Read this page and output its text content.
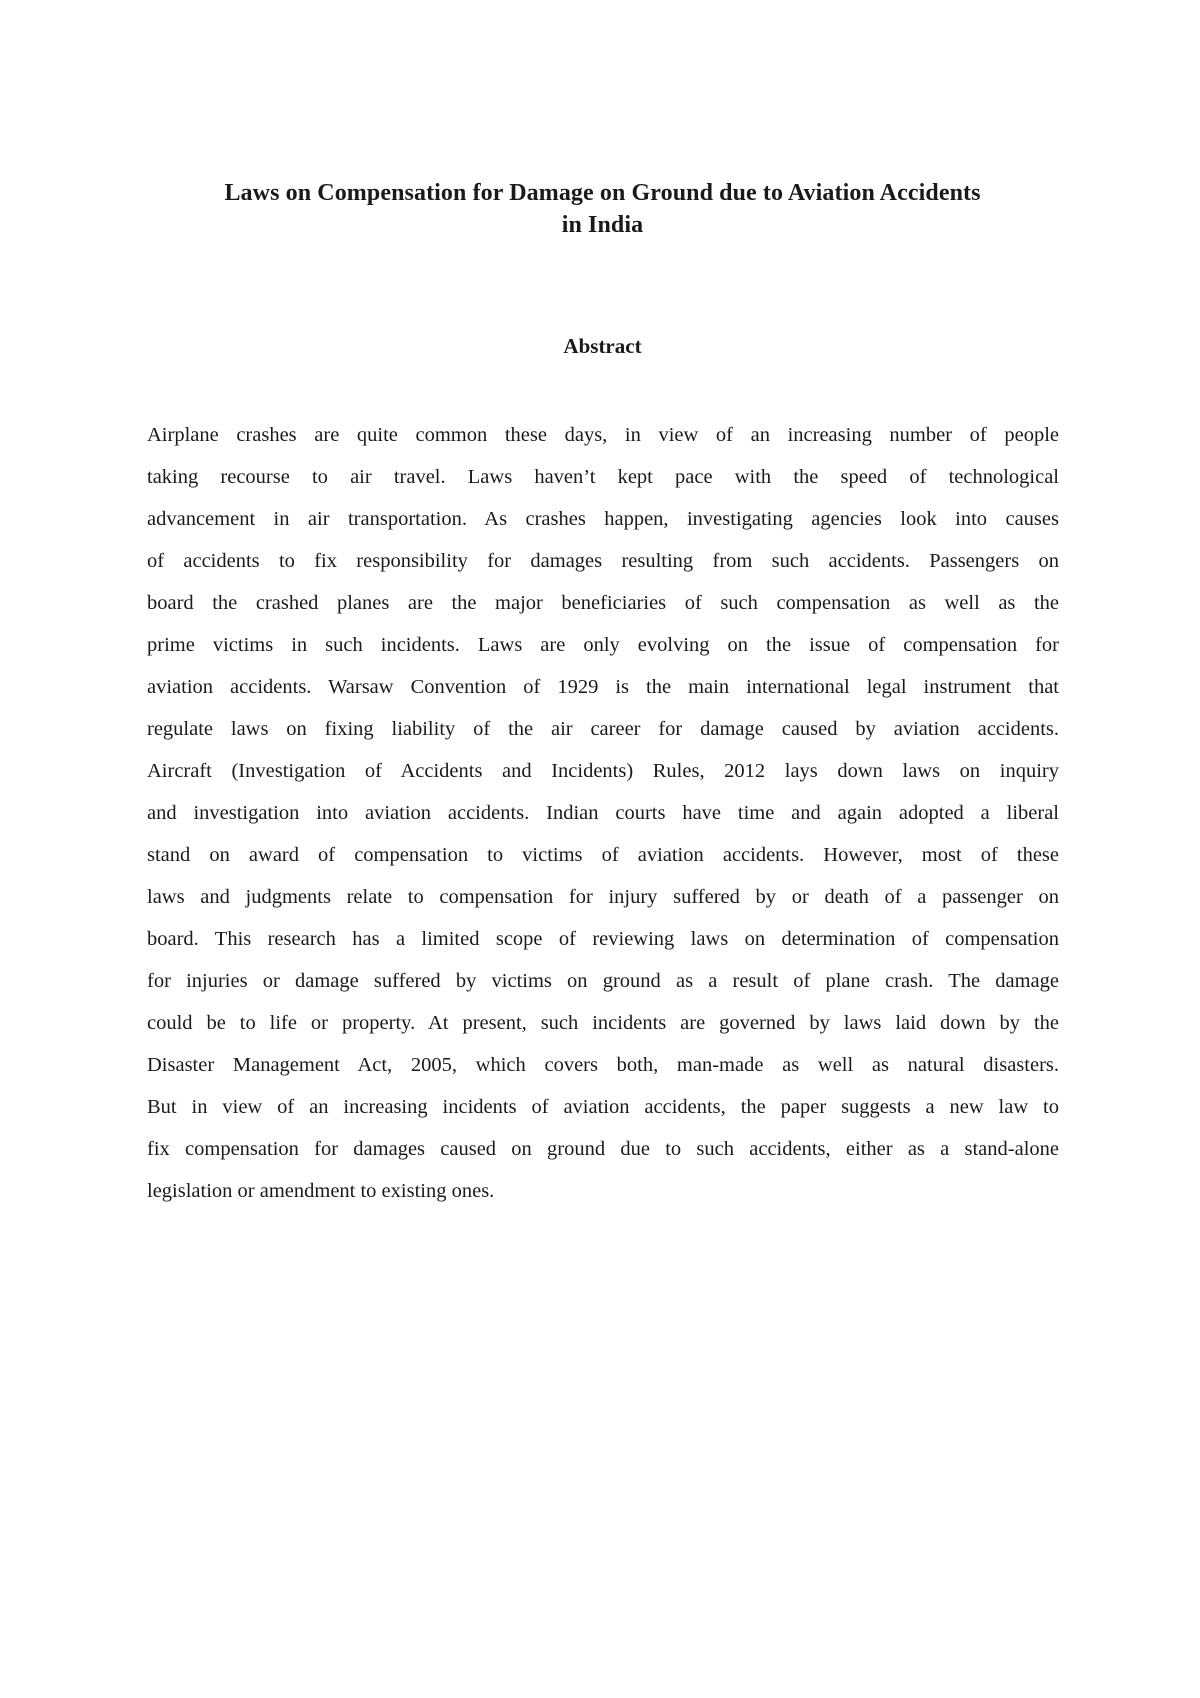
Laws on Compensation for Damage on Ground due to Aviation Accidents
in India
Abstract
Airplane crashes are quite common these days, in view of an increasing number of people
taking recourse to air travel. Laws haven’t kept pace with the speed of technological
advancement in air transportation. As crashes happen, investigating agencies look into causes
of accidents to fix responsibility for damages resulting from such accidents. Passengers on
board the crashed planes are the major beneficiaries of such compensation as well as the
prime victims in such incidents. Laws are only evolving on the issue of compensation for
aviation accidents. Warsaw Convention of 1929 is the main international legal instrument that
regulate laws on fixing liability of the air career for damage caused by aviation accidents.
Aircraft (Investigation of Accidents and Incidents) Rules, 2012 lays down laws on inquiry
and investigation into aviation accidents. Indian courts have time and again adopted a liberal
stand on award of compensation to victims of aviation accidents. However, most of these
laws and judgments relate to compensation for injury suffered by or death of a passenger on
board. This research has a limited scope of reviewing laws on determination of compensation
for injuries or damage suffered by victims on ground as a result of plane crash. The damage
could be to life or property. At present, such incidents are governed by laws laid down by the
Disaster Management Act, 2005, which covers both, man-made as well as natural disasters.
But in view of an increasing incidents of aviation accidents, the paper suggests a new law to
fix compensation for damages caused on ground due to such accidents, either as a stand-alone
legislation or amendment to existing ones.
